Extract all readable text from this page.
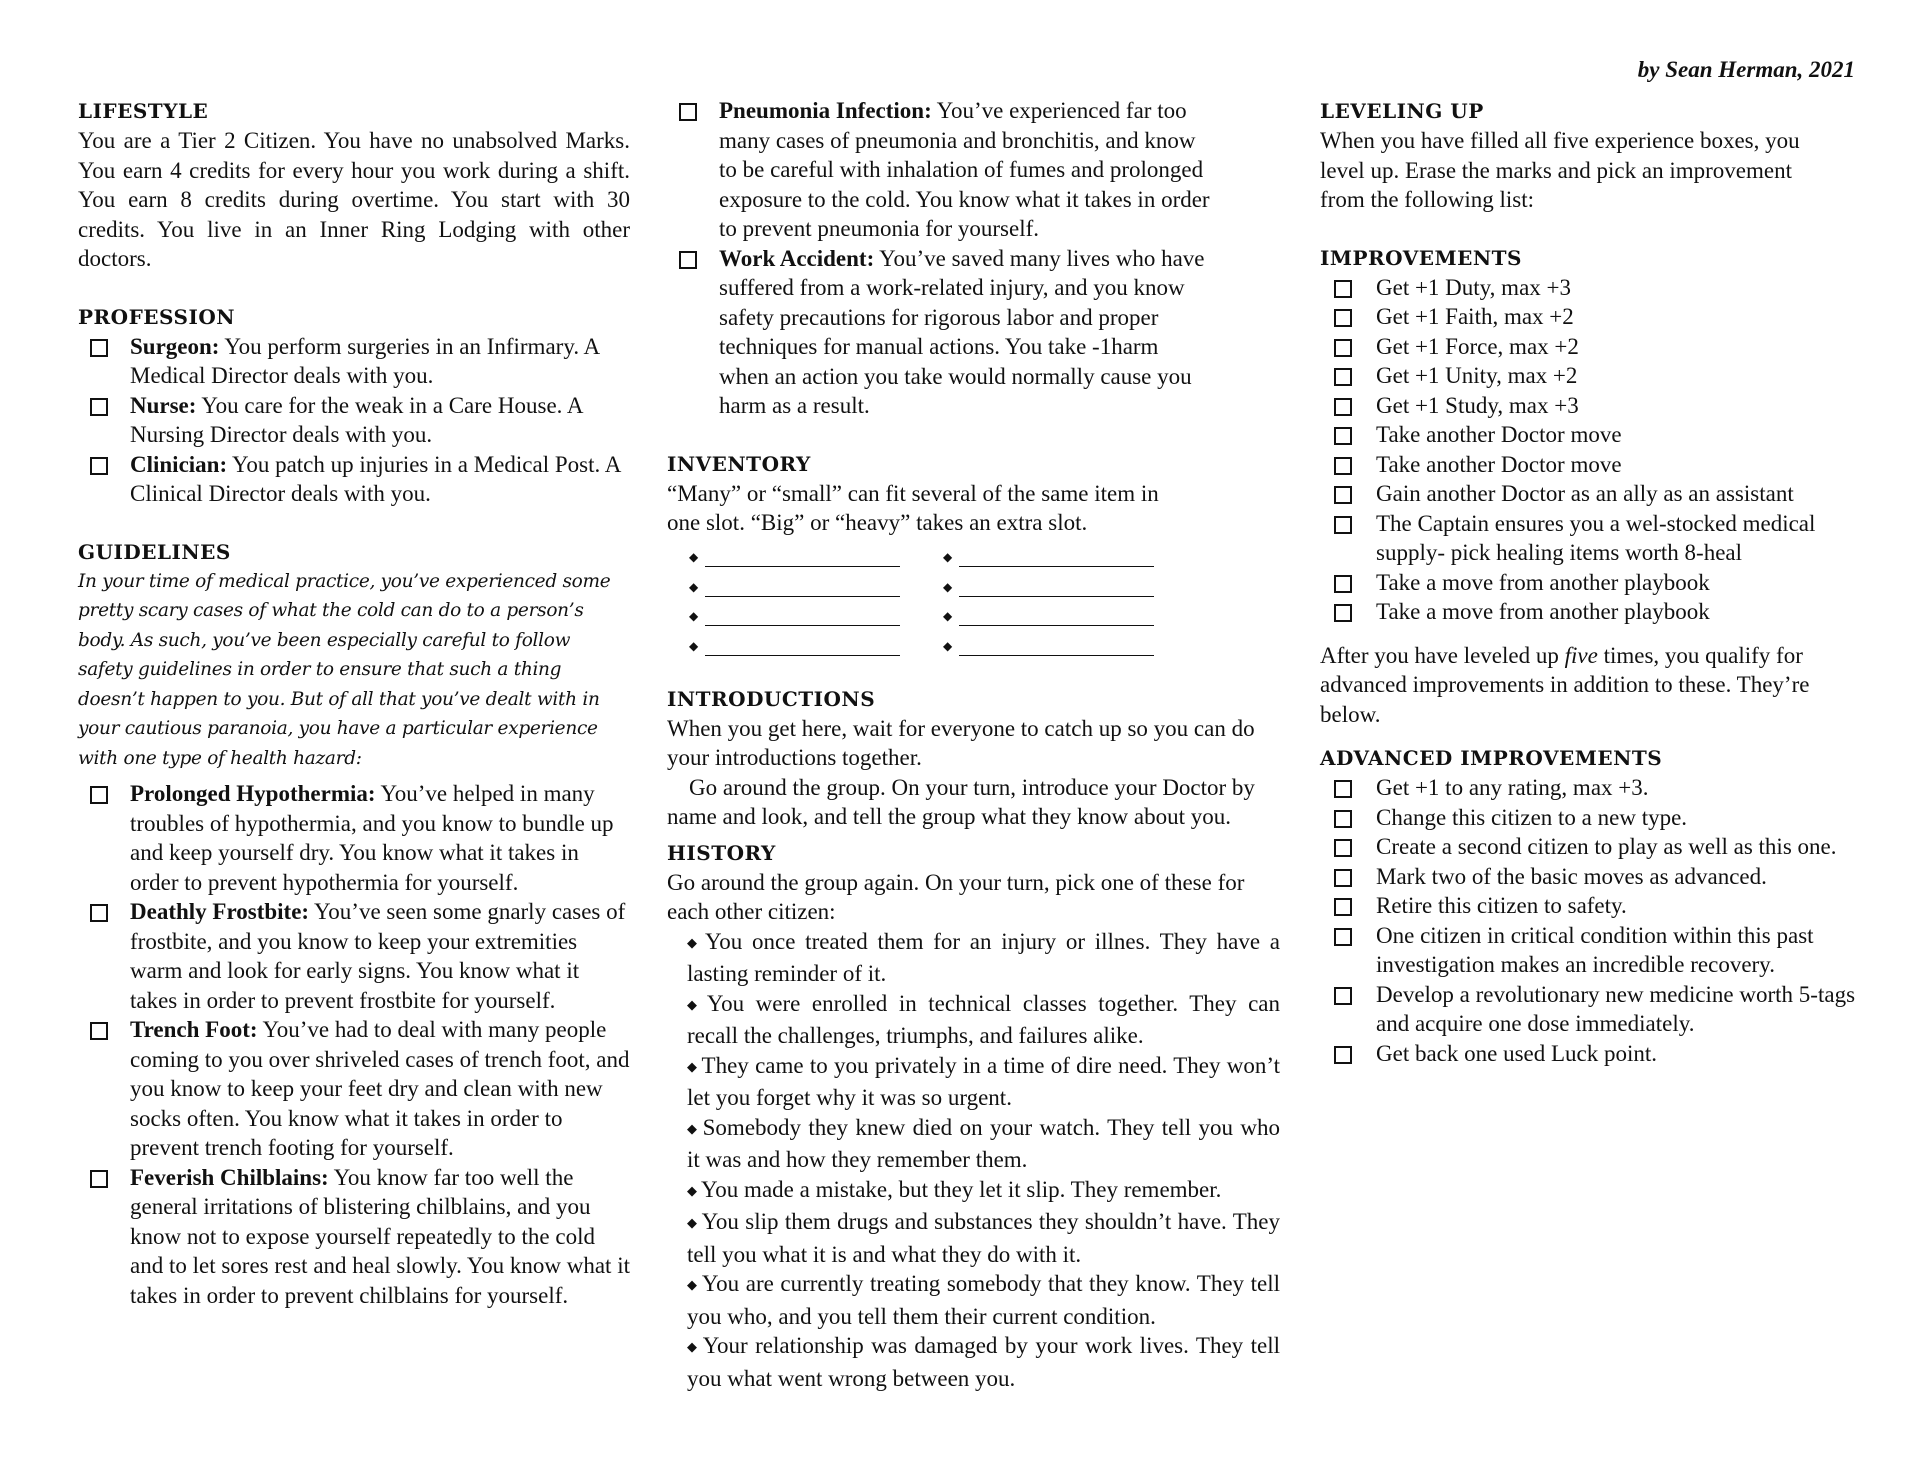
by Sean Herman, 2021
LIFESTYLE

You are a Tier 2 Citizen. You have no unabsolved Marks. You earn 4 credits for every hour you work during a shift. You earn 8 credits during overtime. You start with 30 credits. You live in an Inner Ring Lodging with other doctors.

PROFESSION
Surgeon: You perform surgeries in an Infirmary. A Medical Director deals with you.
Nurse: You care for the weak in a Care House. A Nursing Director deals with you.
Clinician: You patch up injuries in a Medical Post. A Clinical Director deals with you.
GUIDELINES

In your time of medical practice, you’ve experienced some pretty scary cases of what the cold can do to a person’s body. As such, you’ve been especially careful to follow safety guidelines in order to ensure that such a thing doesn’t happen to you. But of all that you’ve dealt with in your cautious paranoia, you have a particular experience with one type of health hazard:

Prolonged Hypothermia: You’ve helped in many troubles of hypothermia, and you know to bundle up and keep yourself dry. You know what it takes in order to prevent hypothermia for yourself.
Deathly Frostbite: You’ve seen some gnarly cases of frostbite, and you know to keep your extremities warm and look for early signs. You know what it takes in order to prevent frostbite for yourself.
Trench Foot: You’ve had to deal with many people coming to you over shriveled cases of trench foot, and you know to keep your feet dry and clean with new socks often. You know what it takes in order to prevent trench footing for yourself.
Feverish Chilblains: You know far too well the general irritations of blistering chilblains, and you know not to expose yourself repeatedly to the cold and to let sores rest and heal slowly. You know what it takes in order to prevent chilblains for yourself.
Pneumonia Infection: You’ve experienced far too many cases of pneumonia and bronchitis, and know to be careful with inhalation of fumes and prolonged exposure to the cold. You know what it takes in order to prevent pneumonia for yourself.
Work Accident: You’ve saved many lives who have suffered from a work-related injury, and you know safety precautions for rigorous labor and proper techniques for manual actions. You take -1harm when an action you take would normally cause you harm as a result.
INVENTORY

“Many” or “small” can fit several of the same item in one slot. “Big” or “heavy” takes an extra slot.

◆	◆
◆	◆
◆	◆
◆	◆
INTRODUCTIONS

When you get here, wait for everyone to catch up so you can do your introductions together.

Go around the group. On your turn, introduce your Doctor by name and look, and tell the group what they know about you.

HISTORY

Go around the group again. On your turn, pick one of these for each other citizen:

◆ You once treated them for an injury or illnes. They have a lasting reminder of it.
◆ You were enrolled in technical classes together. They can recall the challenges, triumphs, and failures alike.
◆ They came to you privately in a time of dire need. They won’t let you forget why it was so urgent.
◆ Somebody they knew died on your watch. They tell you who it was and how they remember them.
◆ You made a mistake, but they let it slip. They remember.
◆ You slip them drugs and substances they shouldn’t have. They tell you what it is and what they do with it.
◆ You are currently treating somebody that they know. They tell you who, and you tell them their current condition.
◆ Your relationship was damaged by your work lives. They tell you what went wrong between you.
LEVELING UP

When you have filled all five experience boxes, you level up. Erase the marks and pick an improvement from the following list:

IMPROVEMENTS
Get +1 Duty, max +3
Get +1 Faith, max +2
Get +1 Force, max +2
Get +1 Unity, max +2
Get +1 Study, max +3
Take another Doctor move
Take another Doctor move
Gain another Doctor as an ally as an assistant
The Captain ensures you a wel-stocked medical supply- pick healing items worth 8-heal
Take a move from another playbook
Take a move from another playbook

After you have leveled up five times, you qualify for advanced improvements in addition to these. They’re below.

ADVANCED IMPROVEMENTS
Get +1 to any rating, max +3.
Change this citizen to a new type.
Create a second citizen to play as well as this one.
Mark two of the basic moves as advanced.
Retire this citizen to safety.
One citizen in critical condition within this past investigation makes an incredible recovery.
Develop a revolutionary new medicine worth 5-tags and acquire one dose immediately.
Get back one used Luck point.
